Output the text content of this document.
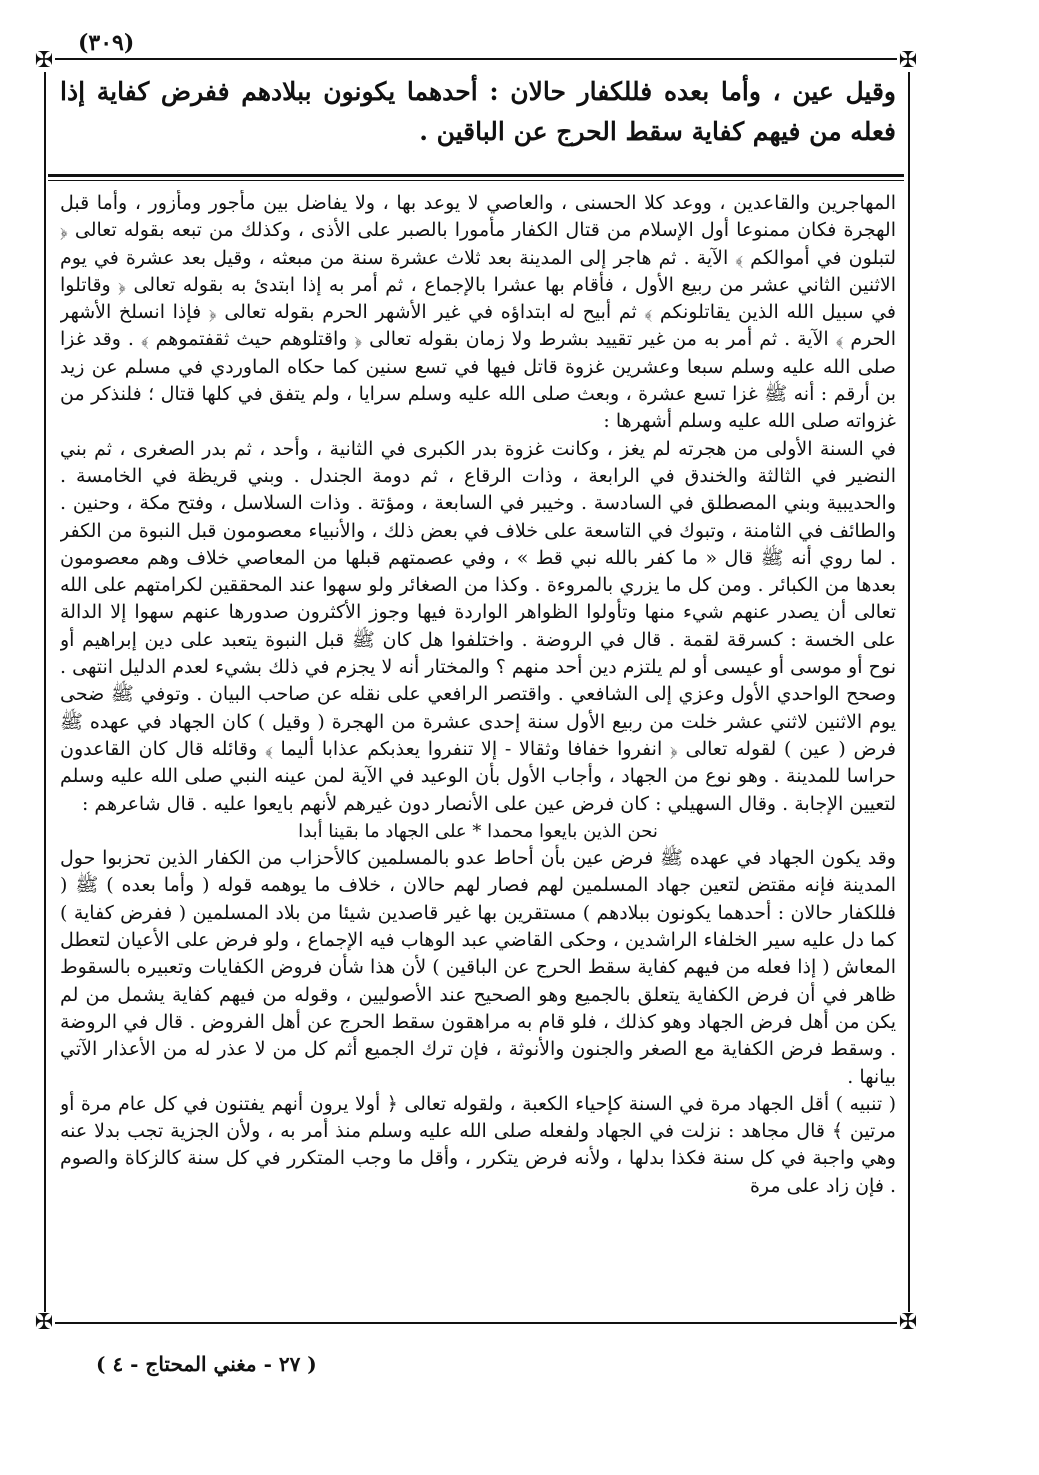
(٣٠٩)
✠	✠
✠	✠
وقيل عين ، وأما بعده فللكفار حالان : أحدهما يكونون ببلادهم ففرض كفاية إذا فعله من فيهم كفاية سقط الحرج عن الباقين .

المهاجرين والقاعدين ، ووعد كلا الحسنى ، والعاصي لا يوعد بها ، ولا يفاضل بين مأجور ومأزور ، وأما قبل الهجرة فكان ممنوعا أول الإسلام من قتال الكفار مأمورا بالصبر على الأذى ، وكذلك من تبعه بقوله تعالى ﴿ لتبلون في أموالكم ﴾ الآية . ثم هاجر إلى المدينة بعد ثلاث عشرة سنة من مبعثه ، وقيل بعد عشرة في يوم الاثنين الثاني عشر من ربيع الأول ، فأقام بها عشرا بالإجماع ، ثم أمر به إذا ابتدئ به بقوله تعالى ﴿ وقاتلوا في سبيل الله الذين يقاتلونكم ﴾ ثم أبيح له ابتداؤه في غير الأشهر الحرم بقوله تعالى ﴿ فإذا انسلخ الأشهر الحرم ﴾ الآية . ثم أمر به من غير تقييد بشرط ولا زمان بقوله تعالى ﴿ واقتلوهم حيث ثقفتموهم ﴾ . وقد غزا صلى الله عليه وسلم سبعا وعشرين غزوة قاتل فيها في تسع سنين كما حكاه الماوردي في مسلم عن زيد بن أرقم : أنه ﷺ غزا تسع عشرة ، وبعث صلى الله عليه وسلم سرايا ، ولم يتفق في كلها قتال ؛ فلنذكر من غزواته صلى الله عليه وسلم أشهرها :

في السنة الأولى من هجرته لم يغز ، وكانت غزوة بدر الكبرى في الثانية ، وأحد ، ثم بدر الصغرى ، ثم بني النضير في الثالثة والخندق في الرابعة ، وذات الرقاع ، ثم دومة الجندل . وبني قريظة في الخامسة . والحديبية وبني المصطلق في السادسة . وخيبر في السابعة ، ومؤتة . وذات السلاسل ، وفتح مكة ، وحنين . والطائف في الثامنة ، وتبوك في التاسعة على خلاف في بعض ذلك ، والأنبياء معصومون قبل النبوة من الكفر . لما روي أنه ﷺ قال « ما كفر بالله نبي قط » ، وفي عصمتهم قبلها من المعاصي خلاف وهم معصومون بعدها من الكبائر . ومن كل ما يزري بالمروءة . وكذا من الصغائر ولو سهوا عند المحققين لكرامتهم على الله تعالى أن يصدر عنهم شيء منها وتأولوا الظواهر الواردة فيها وجوز الأكثرون صدورها عنهم سهوا إلا الدالة على الخسة : كسرقة لقمة . قال في الروضة . واختلفوا هل كان ﷺ قبل النبوة يتعبد على دين إبراهيم أو نوح أو موسى أو عيسى أو لم يلتزم دين أحد منهم ؟ والمختار أنه لا يجزم في ذلك بشيء لعدم الدليل انتهى . وصحح الواحدي الأول وعزي إلى الشافعي . واقتصر الرافعي على نقله عن صاحب البيان . وتوفي ﷺ ضحى يوم الاثنين لاثني عشر خلت من ربيع الأول سنة إحدى عشرة من الهجرة ( وقيل ) كان الجهاد في عهده ﷺ فرض ( عين ) لقوله تعالى ﴿ انفروا خفافا وثقالا - إلا تنفروا يعذبكم عذابا أليما ﴾ وقائله قال كان القاعدون حراسا للمدينة . وهو نوع من الجهاد ، وأجاب الأول بأن الوعيد في الآية لمن عينه النبي صلى الله عليه وسلم لتعيين الإجابة . وقال السهيلي : كان فرض عين على الأنصار دون غيرهم لأنهم بايعوا عليه . قال شاعرهم :

نحن الذين بايعوا محمدا * على الجهاد ما بقينا أبدا

وقد يكون الجهاد في عهده ﷺ فرض عين بأن أحاط عدو بالمسلمين كالأحزاب من الكفار الذين تحزبوا حول المدينة فإنه مقتض لتعين جهاد المسلمين لهم فصار لهم حالان ، خلاف ما يوهمه قوله ( وأما بعده ) ﷺ ( فللكفار حالان : أحدهما يكونون ببلادهم ) مستقرين بها غير قاصدين شيئا من بلاد المسلمين ( ففرض كفاية ) كما دل عليه سير الخلفاء الراشدين ، وحكى القاضي عبد الوهاب فيه الإجماع ، ولو فرض على الأعيان لتعطل المعاش ( إذا فعله من فيهم كفاية سقط الحرج عن الباقين ) لأن هذا شأن فروض الكفايات وتعبيره بالسقوط ظاهر في أن فرض الكفاية يتعلق بالجميع وهو الصحيح عند الأصوليين ، وقوله من فيهم كفاية يشمل من لم يكن من أهل فرض الجهاد وهو كذلك ، فلو قام به مراهقون سقط الحرج عن أهل الفروض . قال في الروضة . وسقط فرض الكفاية مع الصغر والجنون والأنوثة ، فإن ترك الجميع أثم كل من لا عذر له من الأعذار الآتي بيانها .

( تنبيه ) أقل الجهاد مرة في السنة كإحياء الكعبة ، ولقوله تعالى ﴿ أولا يرون أنهم يفتنون في كل عام مرة أو مرتين ﴾ قال مجاهد : نزلت في الجهاد ولفعله صلى الله عليه وسلم منذ أمر به ، ولأن الجزية تجب بدلا عنه وهي واجبة في كل سنة فكذا بدلها ، ولأنه فرض يتكرر ، وأقل ما وجب المتكرر في كل سنة كالزكاة والصوم . فإن زاد على مرة

( ٢٧ - مغني المحتاج - ٤ )
